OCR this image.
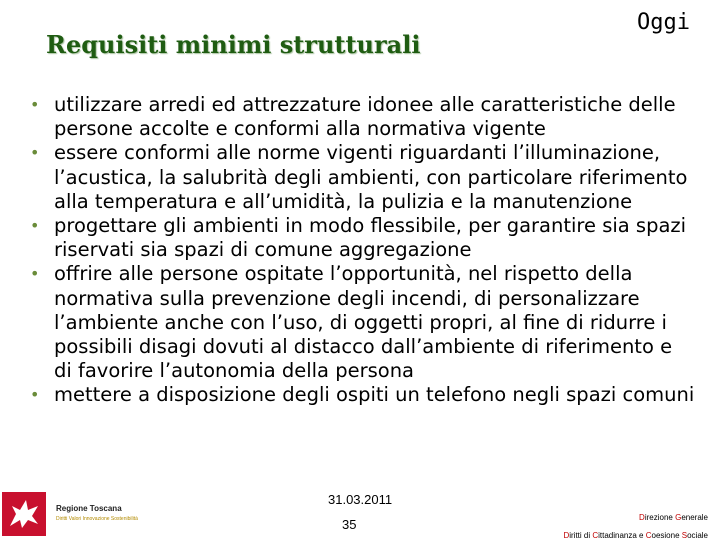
Requisiti minimi strutturali
Oggi
• utilizzare arredi ed attrezzature idonee alle caratteristiche delle persone accolte e conformi alla normativa vigente
• essere conformi alle norme vigenti riguardanti l’illuminazione, l’acustica, la salubrità degli ambienti, con particolare riferimento alla temperatura e all’umidità, la pulizia e la manutenzione
• progettare gli ambienti in modo flessibile, per garantire sia spazi riservati sia spazi di comune aggregazione
• offrire alle persone ospitate l’opportunità, nel rispetto della normativa sulla prevenzione degli incendi, di personalizzare l’ambiente anche con l’uso, di oggetti propri, al fine di ridurre i possibili disagi dovuti al distacco dall’ambiente di riferimento e di favorire l’autonomia della persona
• mettere a disposizione degli ospiti un telefono negli spazi comuni
Regione Toscana
Diritti Valori Innovazione Sostenibilità
31.03.2011
35	Direzione Generale
Diritti di Cittadinanza e Coesione Sociale
